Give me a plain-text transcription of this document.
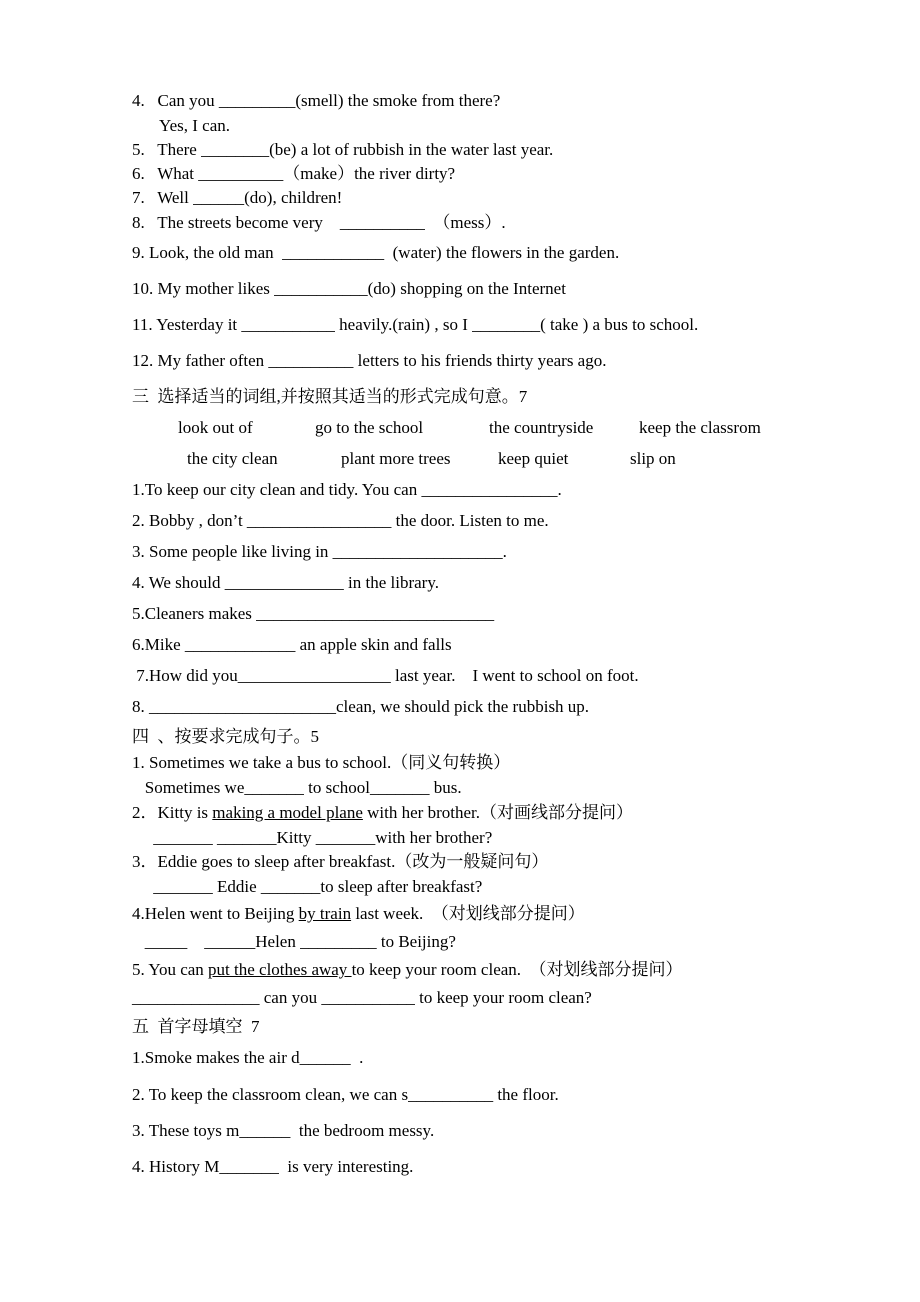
4. Can you _________(smell) the smoke from there?
Yes, I can.
5. There ________(be) a lot of rubbish in the water last year.
6. What __________（make）the river dirty?
7. Well ______(do), children!
8. The streets become very    __________  （mess）.
9. Look, the old man  ____________  (water) the flowers in the garden.
10. My mother likes ___________(do) shopping on the Internet
11. Yesterday it ___________ heavily.(rain) , so I ________( take ) a bus to school.
12. My father often __________ letters to his friends thirty years ago.
三  选择适当的词组,并按照其适当的形式完成句意。7
look out of	go to the school	the countryside	keep the classrom
the city clean	plant more trees	keep quiet	slip on
1.To keep our city clean and tidy. You can ________________.
2. Bobby , don’t _________________ the door. Listen to me.
3. Some people like living in ____________________.
4. We should ______________ in the library.
5.Cleaners makes ____________________________
6.Mike _____________ an apple skin and falls
7.How did you__________________ last year.    I went to school on foot.
8. ______________________clean, we should pick the rubbish up.
四  、按要求完成句子。5
1. Sometimes we take a bus to school.（同义句转换）
Sometimes we_______ to school_______ bus.
2．Kitty is making a model plane with her brother.（对画线部分提问）
_______ _______Kitty _______with her brother?
3．Eddie goes to sleep after breakfast.（改为一般疑问句）
_______ Eddie _______to sleep after breakfast?
4.Helen went to Beijing by train last week.  （对划线部分提问）
_____    ______Helen _________ to Beijing?
5. You can put the clothes away to keep your room clean.  （对划线部分提问）
_______________ can you ___________ to keep your room clean?
五  首字母填空  7
1.Smoke makes the air d______  .
2. To keep the classroom clean, we can s__________ the floor.
3. These toys m______  the bedroom messy.
4. History M_______  is very interesting.
